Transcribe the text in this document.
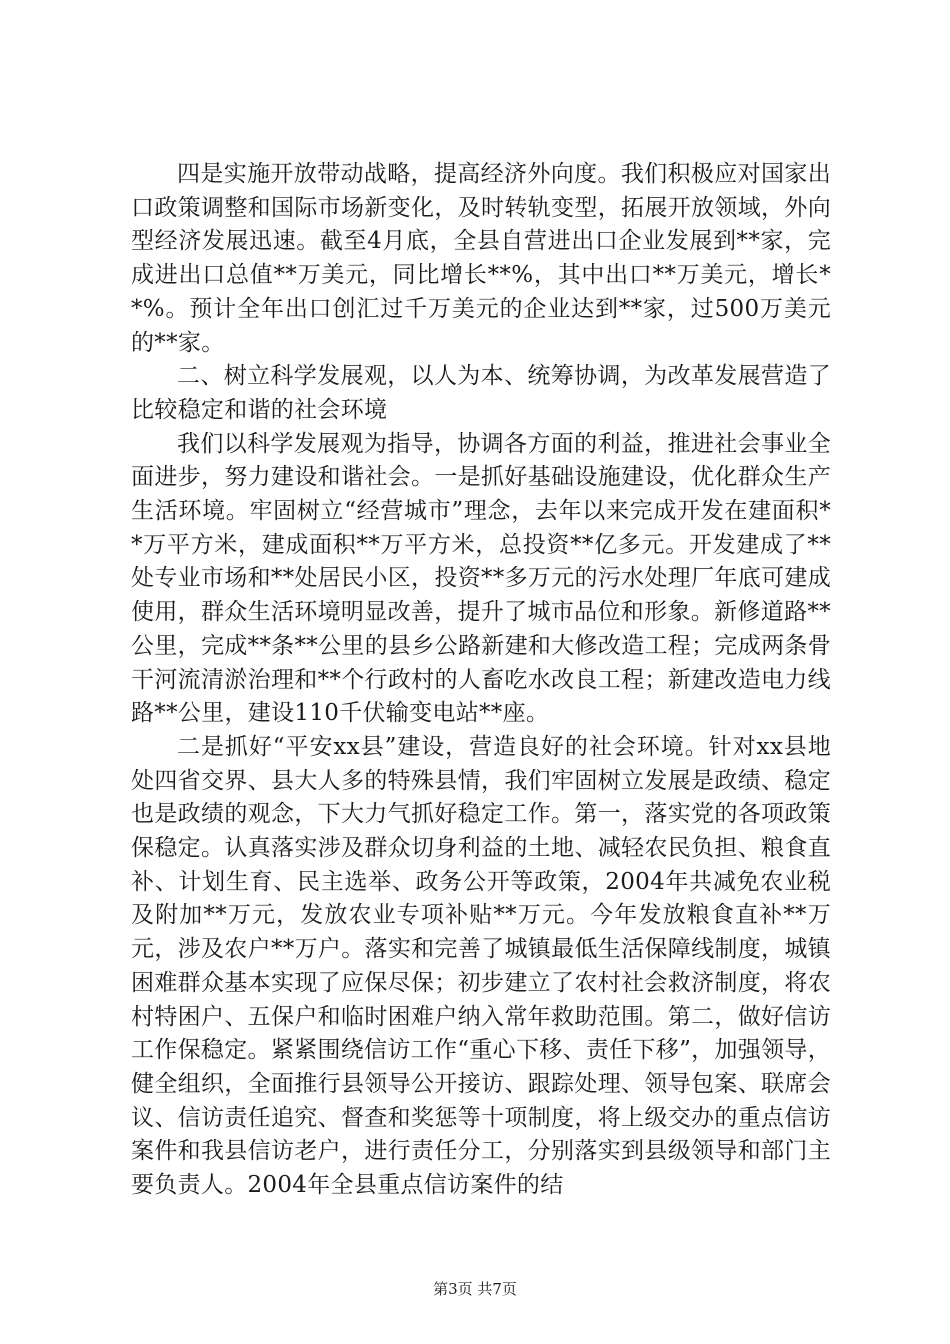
四是实施开放带动战略，提高经济外向度。我们积极应对国家出口政策调整和国际市场新变化，及时转轨变型，拓展开放领域，外向型经济发展迅速。截至4月底，全县自营进出口企业发展到**家，完成进出口总值**万美元，同比增长**%，其中出口**万美元，增长**%。预计全年出口创汇过千万美元的企业达到**家，过500万美元的**家。

二、树立科学发展观，以人为本、统筹协调，为改革发展营造了比较稳定和谐的社会环境

我们以科学发展观为指导，协调各方面的利益，推进社会事业全面进步，努力建设和谐社会。一是抓好基础设施建设，优化群众生产生活环境。牢固树立“经营城市”理念，去年以来完成开发在建面积**万平方米，建成面积**万平方米，总投资**亿多元。开发建成了**处专业市场和**处居民小区，投资**多万元的污水处理厂年底可建成使用，群众生活环境明显改善，提升了城市品位和形象。新修道路**公里，完成**条**公里的县乡公路新建和大修改造工程；完成两条骨干河流清淤治理和**个行政村的人畜吃水改良工程；新建改造电力线路**公里，建设110千伏输变电站**座。

二是抓好“平安xx县”建设，营造良好的社会环境。针对xx县地处四省交界、县大人多的特殊县情，我们牢固树立发展是政绩、稳定也是政绩的观念，下大力气抓好稳定工作。第一，落实党的各项政策保稳定。认真落实涉及群众切身利益的土地、减轻农民负担、粮食直补、计划生育、民主选举、政务公开等政策，2004年共减免农业税及附加**万元，发放农业专项补贴**万元。今年发放粮食直补**万元，涉及农户**万户。落实和完善了城镇最低生活保障线制度，城镇困难群众基本实现了应保尽保；初步建立了农村社会救济制度，将农村特困户、五保户和临时困难户纳入常年救助范围。第二，做好信访工作保稳定。紧紧围绕信访工作“重心下移、责任下移”，加强领导，健全组织，全面推行县领导公开接访、跟踪处理、领导包案、联席会议、信访责任追究、督查和奖惩等十项制度，将上级交办的重点信访案件和我县信访老户，进行责任分工，分别落实到县级领导和部门主要负责人。2004年全县重点信访案件的结

第3页 共7页
